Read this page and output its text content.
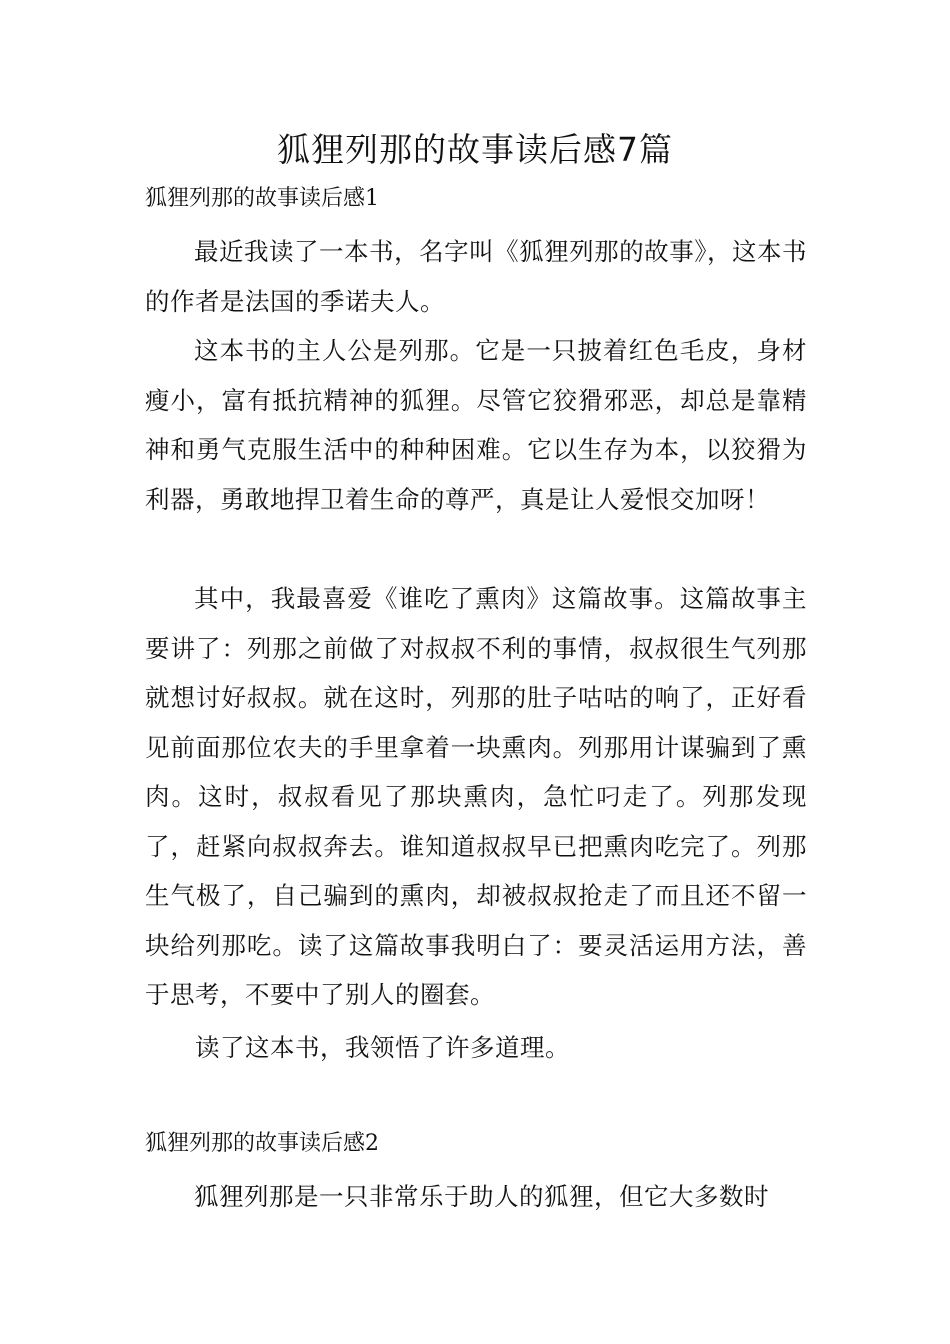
狐狸列那的故事读后感7篇
狐狸列那的故事读后感1

最近我读了一本书，名字叫《狐狸列那的故事》，这本书的作者是法国的季诺夫人。

这本书的主人公是列那。它是一只披着红色毛皮，身材瘦小，富有抵抗精神的狐狸。尽管它狡猾邪恶，却总是靠精神和勇气克服生活中的种种困难。它以生存为本，以狡猾为利器，勇敢地捍卫着生命的尊严，真是让人爱恨交加呀！

其中，我最喜爱《谁吃了熏肉》这篇故事。这篇故事主要讲了：列那之前做了对叔叔不利的事情，叔叔很生气列那就想讨好叔叔。就在这时，列那的肚子咕咕的响了，正好看见前面那位农夫的手里拿着一块熏肉。列那用计谋骗到了熏肉。这时，叔叔看见了那块熏肉，急忙叼走了。列那发现了，赶紧向叔叔奔去。谁知道叔叔早已把熏肉吃完了。列那生气极了，自己骗到的熏肉，却被叔叔抢走了而且还不留一块给列那吃。读了这篇故事我明白了：要灵活运用方法，善于思考，不要中了别人的圈套。

读了这本书，我领悟了许多道理。

狐狸列那的故事读后感2

狐狸列那是一只非常乐于助人的狐狸，但它大多数时
